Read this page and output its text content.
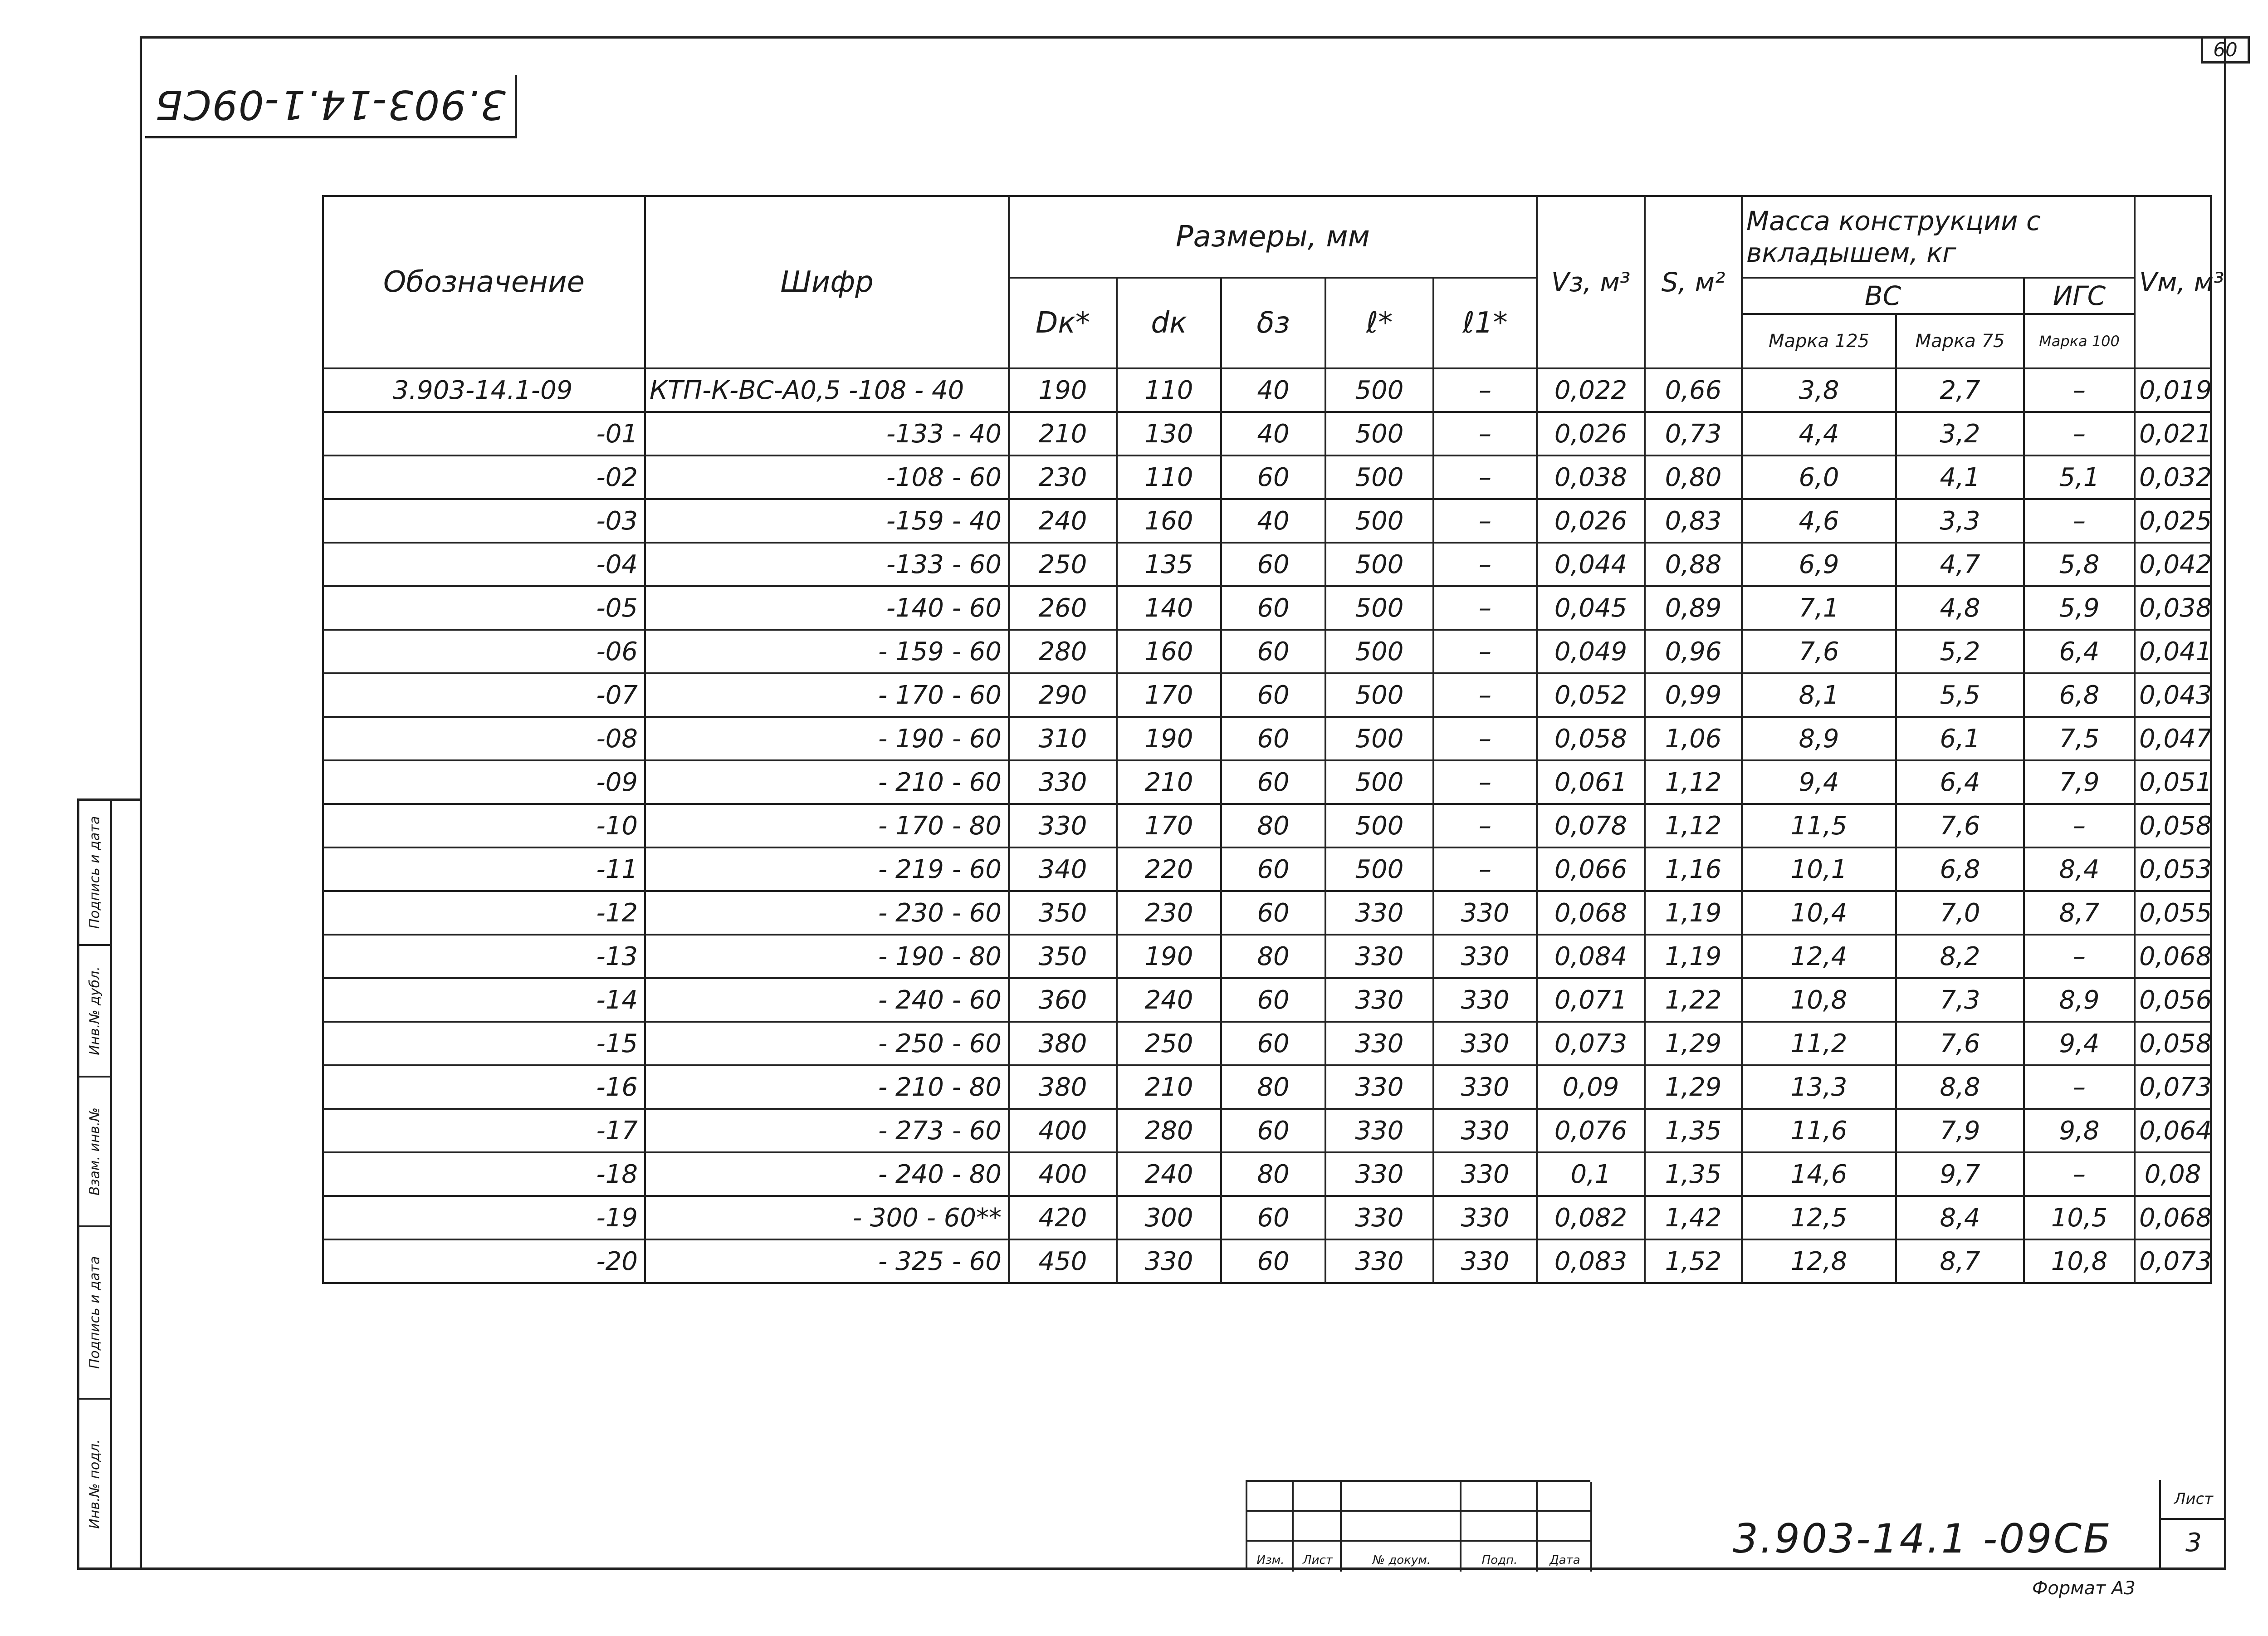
60
3.903-14.1-09CБ
Подпись и дата
Инв.№ дубл.
Взам. инв.№
Подпись и дата
Инв.№ подл.
Обозначение	Шифр	Размеры, мм					Vз, м³	S, м²	Масса конструкции с вкладышем, кг			Vм, м³
		Dк*	dк	δз	ℓ*	ℓ1*			ВС		ИГС	
									Марка 125	Марка 75	Марка 100	
3.903-14.1-09	КТП-К-ВС-А0,5 -108 - 40	190	110	40	500	–	0,022	0,66	3,8	2,7	–	0,019
-01	-133 - 40	210	130	40	500	–	0,026	0,73	4,4	3,2	–	0,021
-02	-108 - 60	230	110	60	500	–	0,038	0,80	6,0	4,1	5,1	0,032
-03	-159 - 40	240	160	40	500	–	0,026	0,83	4,6	3,3	–	0,025
-04	-133 - 60	250	135	60	500	–	0,044	0,88	6,9	4,7	5,8	0,042
-05	-140 - 60	260	140	60	500	–	0,045	0,89	7,1	4,8	5,9	0,038
-06	- 159 - 60	280	160	60	500	–	0,049	0,96	7,6	5,2	6,4	0,041
-07	- 170 - 60	290	170	60	500	–	0,052	0,99	8,1	5,5	6,8	0,043
-08	- 190 - 60	310	190	60	500	–	0,058	1,06	8,9	6,1	7,5	0,047
-09	- 210 - 60	330	210	60	500	–	0,061	1,12	9,4	6,4	7,9	0,051
-10	- 170 - 80	330	170	80	500	–	0,078	1,12	11,5	7,6	–	0,058
-11	- 219 - 60	340	220	60	500	–	0,066	1,16	10,1	6,8	8,4	0,053
-12	- 230 - 60	350	230	60	330	330	0,068	1,19	10,4	7,0	8,7	0,055
-13	- 190 - 80	350	190	80	330	330	0,084	1,19	12,4	8,2	–	0,068
-14	- 240 - 60	360	240	60	330	330	0,071	1,22	10,8	7,3	8,9	0,056
-15	- 250 - 60	380	250	60	330	330	0,073	1,29	11,2	7,6	9,4	0,058
-16	- 210 - 80	380	210	80	330	330	0,09	1,29	13,3	8,8	–	0,073
-17	- 273 - 60	400	280	60	330	330	0,076	1,35	11,6	7,9	9,8	0,064
-18	- 240 - 80	400	240	80	330	330	0,1	1,35	14,6	9,7	–	0,08
-19	- 300 - 60**	420	300	60	330	330	0,082	1,42	12,5	8,4	10,5	0,068
-20	- 325 - 60	450	330	60	330	330	0,083	1,52	12,8	8,7	10,8	0,073
Изм.	Лист	№ докум.	Подп.	Дата	3.903-14.1 -09СБ
Лист
3
Формат А3
